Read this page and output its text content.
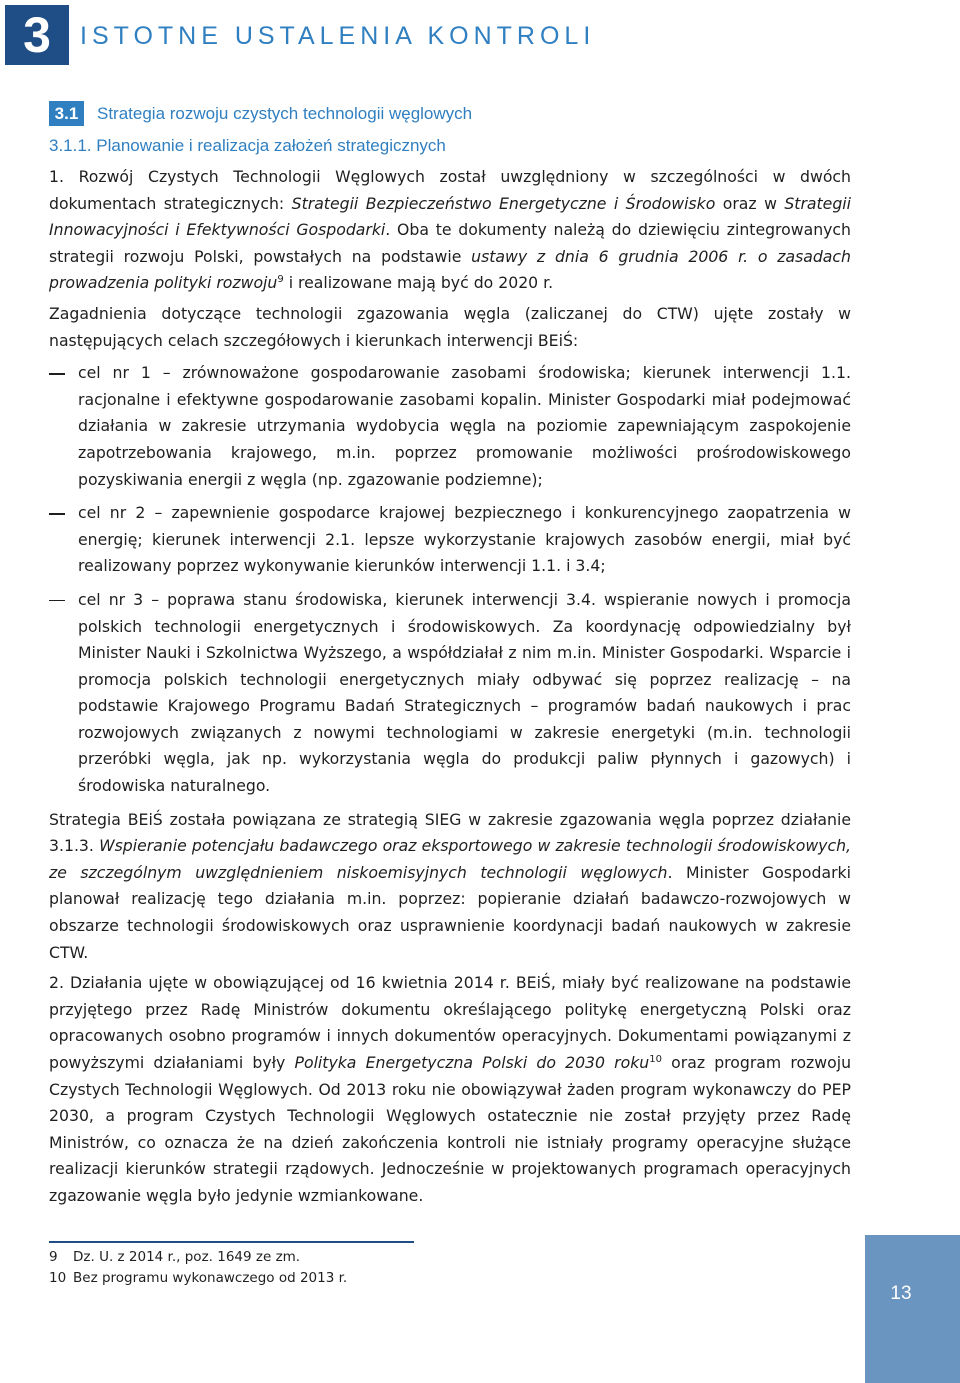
3	ISTOTNE USTALENIA KONTROLI
3.1	Strategia rozwoju czystych technologii węglowych
3.1.1. Planowanie i realizacja założeń strategicznych

1. Rozwój Czystych Technologii Węglowych został uwzględniony w szczególności w dwóch dokumentach strategicznych: Strategii Bezpieczeństwo Energetyczne i Środowisko oraz w Strategii Innowacyjności i Efektywności Gospodarki. Oba te dokumenty należą do dziewięciu zintegrowanych strategii rozwoju Polski, powstałych na podstawie ustawy z dnia 6 grudnia 2006 r. o zasadach prowadzenia polityki rozwoju$^9$ i realizowane mają być do 2020 r.

Zagadnienia dotyczące technologii zgazowania węgla (zaliczanej do CTW) ujęte zostały w następujących celach szczegółowych i kierunkach interwencji BEiŚ:

cel nr 1 – zrównoważone gospodarowanie zasobami środowiska; kierunek interwencji 1.1. racjonalne i efektywne gospodarowanie zasobami kopalin. Minister Gospodarki miał podejmować działania w zakresie utrzymania wydobycia węgla na poziomie zapewniającym zaspokojenie zapotrzebowania krajowego, m.in. poprzez promowanie możliwości prośrodowiskowego pozyskiwania energii z węgla (np. zgazowanie podziemne);
cel nr 2 – zapewnienie gospodarce krajowej bezpiecznego i konkurencyjnego zaopatrzenia w energię; kierunek interwencji 2.1. lepsze wykorzystanie krajowych zasobów energii, miał być realizowany poprzez wykonywanie kierunków interwencji 1.1. i 3.4;
cel nr 3 – poprawa stanu środowiska, kierunek interwencji 3.4. wspieranie nowych i promocja polskich technologii energetycznych i środowiskowych. Za koordynację odpowiedzialny był Minister Nauki i Szkolnictwa Wyższego, a współdziałał z nim m.in. Minister Gospodarki. Wsparcie i promocja polskich technologii energetycznych miały odbywać się poprzez realizację – na podstawie Krajowego Programu Badań Strategicznych – programów badań naukowych i prac rozwojowych związanych z nowymi technologiami w zakresie energetyki (m.in. technologii przeróbki węgla, jak np. wykorzystania węgla do produkcji paliw płynnych i gazowych) i środowiska naturalnego.

Strategia BEiŚ została powiązana ze strategią SIEG w zakresie zgazowania węgla poprzez działanie 3.1.3. Wspieranie potencjału badawczego oraz eksportowego w zakresie technologii środowiskowych, ze szczególnym uwzględnieniem niskoemisyjnych technologii węglowych. Minister Gospodarki planował realizację tego działania m.in. poprzez: popieranie działań badawczo-rozwojowych w obszarze technologii środowiskowych oraz usprawnienie koordynacji badań naukowych w zakresie CTW.

2. Działania ujęte w obowiązującej od 16 kwietnia 2014 r. BEiŚ, miały być realizowane na podstawie przyjętego przez Radę Ministrów dokumentu określającego politykę energetyczną Polski oraz opracowanych osobno programów i innych dokumentów operacyjnych. Dokumentami powiązanymi z powyższymi działaniami były Polityka Energetyczna Polski do 2030 roku$^{10}$ oraz program rozwoju Czystych Technologii Węglowych. Od 2013 roku nie obowiązywał żaden program wykonawczy do PEP 2030, a program Czystych Technologii Węglowych ostatecznie nie został przyjęty przez Radę Ministrów, co oznacza że na dzień zakończenia kontroli nie istniały programy operacyjne służące realizacji kierunków strategii rządowych. Jednocześnie w projektowanych programach operacyjnych zgazowanie węgla było jedynie wzmiankowane.

9	Dz. U. z 2014 r., poz. 1649 ze zm.
10 Bez programu wykonawczego od 2013 r.
13
